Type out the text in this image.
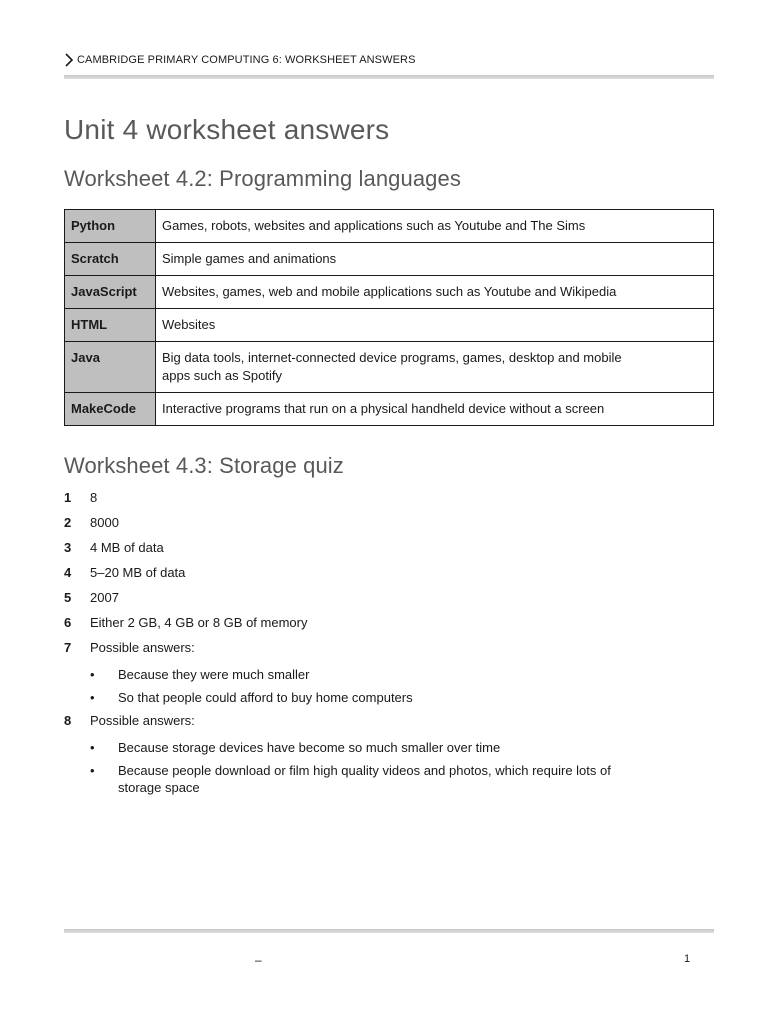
CAMBRIDGE PRIMARY COMPUTING 6: WORKSHEET ANSWERS
Unit 4 worksheet answers
Worksheet 4.2: Programming languages
Python	Games, robots, websites and applications such as Youtube and The Sims
Scratch	Simple games and animations
JavaScript	Websites, games, web and mobile applications such as Youtube and Wikipedia
HTML	Websites
Java	Big data tools, internet-connected device programs, games, desktop and mobile apps such as Spotify
MakeCode	Interactive programs that run on a physical handheld device without a screen
Worksheet 4.3: Storage quiz
1 8
2 8000
3 4 MB of data
4 5–20 MB of data
5 2007
6 Either 2 GB, 4 GB or 8 GB of memory
7 Possible answers:
• Because they were much smaller
• So that people could afford to buy home computers
8 Possible answers:
• Because storage devices have become so much smaller over time
• Because people download or film high quality videos and photos, which require lots of storage space
–	1
